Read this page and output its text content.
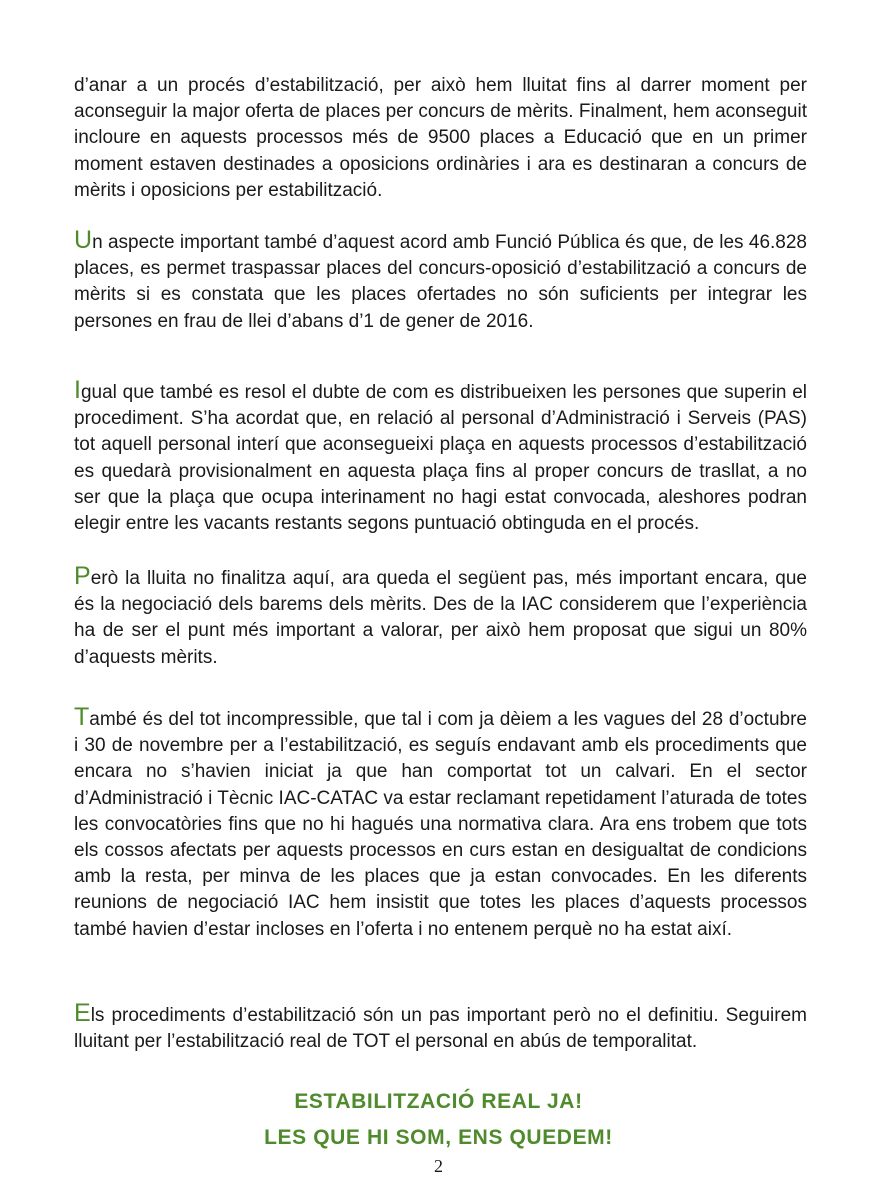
d’anar a un procés d’estabilització, per això hem lluitat fins al darrer moment per aconseguir la major oferta de places per concurs de mèrits. Finalment, hem aconseguit incloure en aquests processos més de 9500 places a Educació que en un primer moment estaven destinades a oposicions ordinàries i ara es destinaran a concurs de mèrits i oposicions per estabilització.

Un aspecte important també d’aquest acord amb Funció Pública és que, de les 46.828 places, es permet traspassar places del concurs-oposició d’estabilització a concurs de mèrits si es constata que les places ofertades no són suficients per integrar les persones en frau de llei d’abans d’1 de gener de 2016.

Igual que també es resol el dubte de com es distribueixen les persones que superin el procediment. S’ha acordat que, en relació al personal d’Administració i Serveis (PAS) tot aquell personal interí que aconsegueixi plaça en aquests processos d’estabilització es quedarà provisionalment en aquesta plaça fins al proper concurs de trasllat, a no ser que la plaça que ocupa interinament no hagi estat convocada, aleshores podran elegir entre les vacants restants segons puntuació obtinguda en el procés.

Però la lluita no finalitza aquí, ara queda el següent pas, més important encara, que és la negociació dels barems dels mèrits. Des de la IAC considerem que l’experiència ha de ser el punt més important a valorar, per això hem proposat que sigui un 80% d’aquests mèrits.

També és del tot incompressible, que tal i com ja dèiem a les vagues del 28 d’octubre i 30 de novembre per a l’estabilització, es seguís endavant amb els procediments que encara no s’havien iniciat ja que han comportat tot un calvari. En el sector d’Administració i Tècnic IAC-CATAC va estar reclamant repetidament l’aturada de totes les convocatòries fins que no hi hagués una normativa clara. Ara ens trobem que tots els cossos afectats per aquests processos en curs estan en desigualtat de condicions amb la resta, per minva de les places que ja estan convocades. En les diferents reunions de negociació IAC hem insistit que totes les places d’aquests processos també havien d’estar incloses en l’oferta i no entenem perquè no ha estat així.

Els procediments d’estabilització són un pas important però no el definitiu. Seguirem lluitant per l’estabilització real de TOT el personal en abús de temporalitat.

ESTABILITZACIÓ REAL JA!

LES QUE HI SOM, ENS QUEDEM!

2
